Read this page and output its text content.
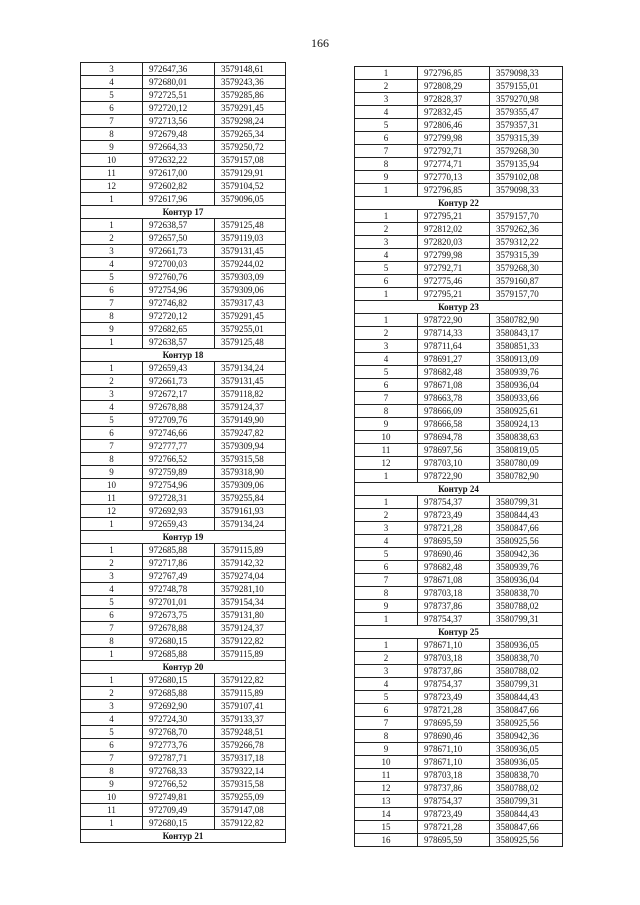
166
3	972647,36	3579148,61
4	972680,01	3579243,36
5	972725,51	3579285,86
6	972720,12	3579291,45
7	972713,56	3579298,24
8	972679,48	3579265,34
9	972664,33	3579250,72
10	972632,22	3579157,08
11	972617,00	3579129,91
12	972602,82	3579104,52
1	972617,96	3579096,05
Контур 17		
1	972638,57	3579125,48
2	972657,50	3579119,03
3	972661,73	3579131,45
4	972700,03	3579244,02
5	972760,76	3579303,09
6	972754,96	3579309,06
7	972746,82	3579317,43
8	972720,12	3579291,45
9	972682,65	3579255,01
1	972638,57	3579125,48
Контур 18		
1	972659,43	3579134,24
2	972661,73	3579131,45
3	972672,17	3579118,82
4	972678,88	3579124,37
5	972709,76	3579149,90
6	972746,66	3579247,82
7	972777,77	3579309,94
8	972766,52	3579315,58
9	972759,89	3579318,90
10	972754,96	3579309,06
11	972728,31	3579255,84
12	972692,93	3579161,93
1	972659,43	3579134,24
Контур 19		
1	972685,88	3579115,89
2	972717,86	3579142,32
3	972767,49	3579274,04
4	972748,78	3579281,10
5	972701,01	3579154,34
6	972673,75	3579131,80
7	972678,88	3579124,37
8	972680,15	3579122,82
1	972685,88	3579115,89
Контур 20		
1	972680,15	3579122,82
2	972685,88	3579115,89
3	972692,90	3579107,41
4	972724,30	3579133,37
5	972768,70	3579248,51
6	972773,76	3579266,78
7	972787,71	3579317,18
8	972768,33	3579322,14
9	972766,52	3579315,58
10	972749,81	3579255,09
11	972709,49	3579147,08
1	972680,15	3579122,82
Контур 21		
1	972796,85	3579098,33
2	972808,29	3579155,01
3	972828,37	3579270,98
4	972832,45	3579355,47
5	972806,46	3579357,31
6	972799,98	3579315,39
7	972792,71	3579268,30
8	972774,71	3579135,94
9	972770,13	3579102,08
1	972796,85	3579098,33
Контур 22		
1	972795,21	3579157,70
2	972812,02	3579262,36
3	972820,03	3579312,22
4	972799,98	3579315,39
5	972792,71	3579268,30
6	972775,46	3579160,87
1	972795,21	3579157,70
Контур 23		
1	978722,90	3580782,90
2	978714,33	3580843,17
3	978711,64	3580851,33
4	978691,27	3580913,09
5	978682,48	3580939,76
6	978671,08	3580936,04
7	978663,78	3580933,66
8	978666,09	3580925,61
9	978666,58	3580924,13
10	978694,78	3580838,63
11	978697,56	3580819,05
12	978703,10	3580780,09
1	978722,90	3580782,90
Контур 24		
1	978754,37	3580799,31
2	978723,49	3580844,43
3	978721,28	3580847,66
4	978695,59	3580925,56
5	978690,46	3580942,36
6	978682,48	3580939,76
7	978671,08	3580936,04
8	978703,18	3580838,70
9	978737,86	3580788,02
1	978754,37	3580799,31
Контур 25		
1	978671,10	3580936,05
2	978703,18	3580838,70
3	978737,86	3580788,02
4	978754,37	3580799,31
5	978723,49	3580844,43
6	978721,28	3580847,66
7	978695,59	3580925,56
8	978690,46	3580942,36
9	978671,10	3580936,05
10	978671,10	3580936,05
11	978703,18	3580838,70
12	978737,86	3580788,02
13	978754,37	3580799,31
14	978723,49	3580844,43
15	978721,28	3580847,66
16	978695,59	3580925,56
